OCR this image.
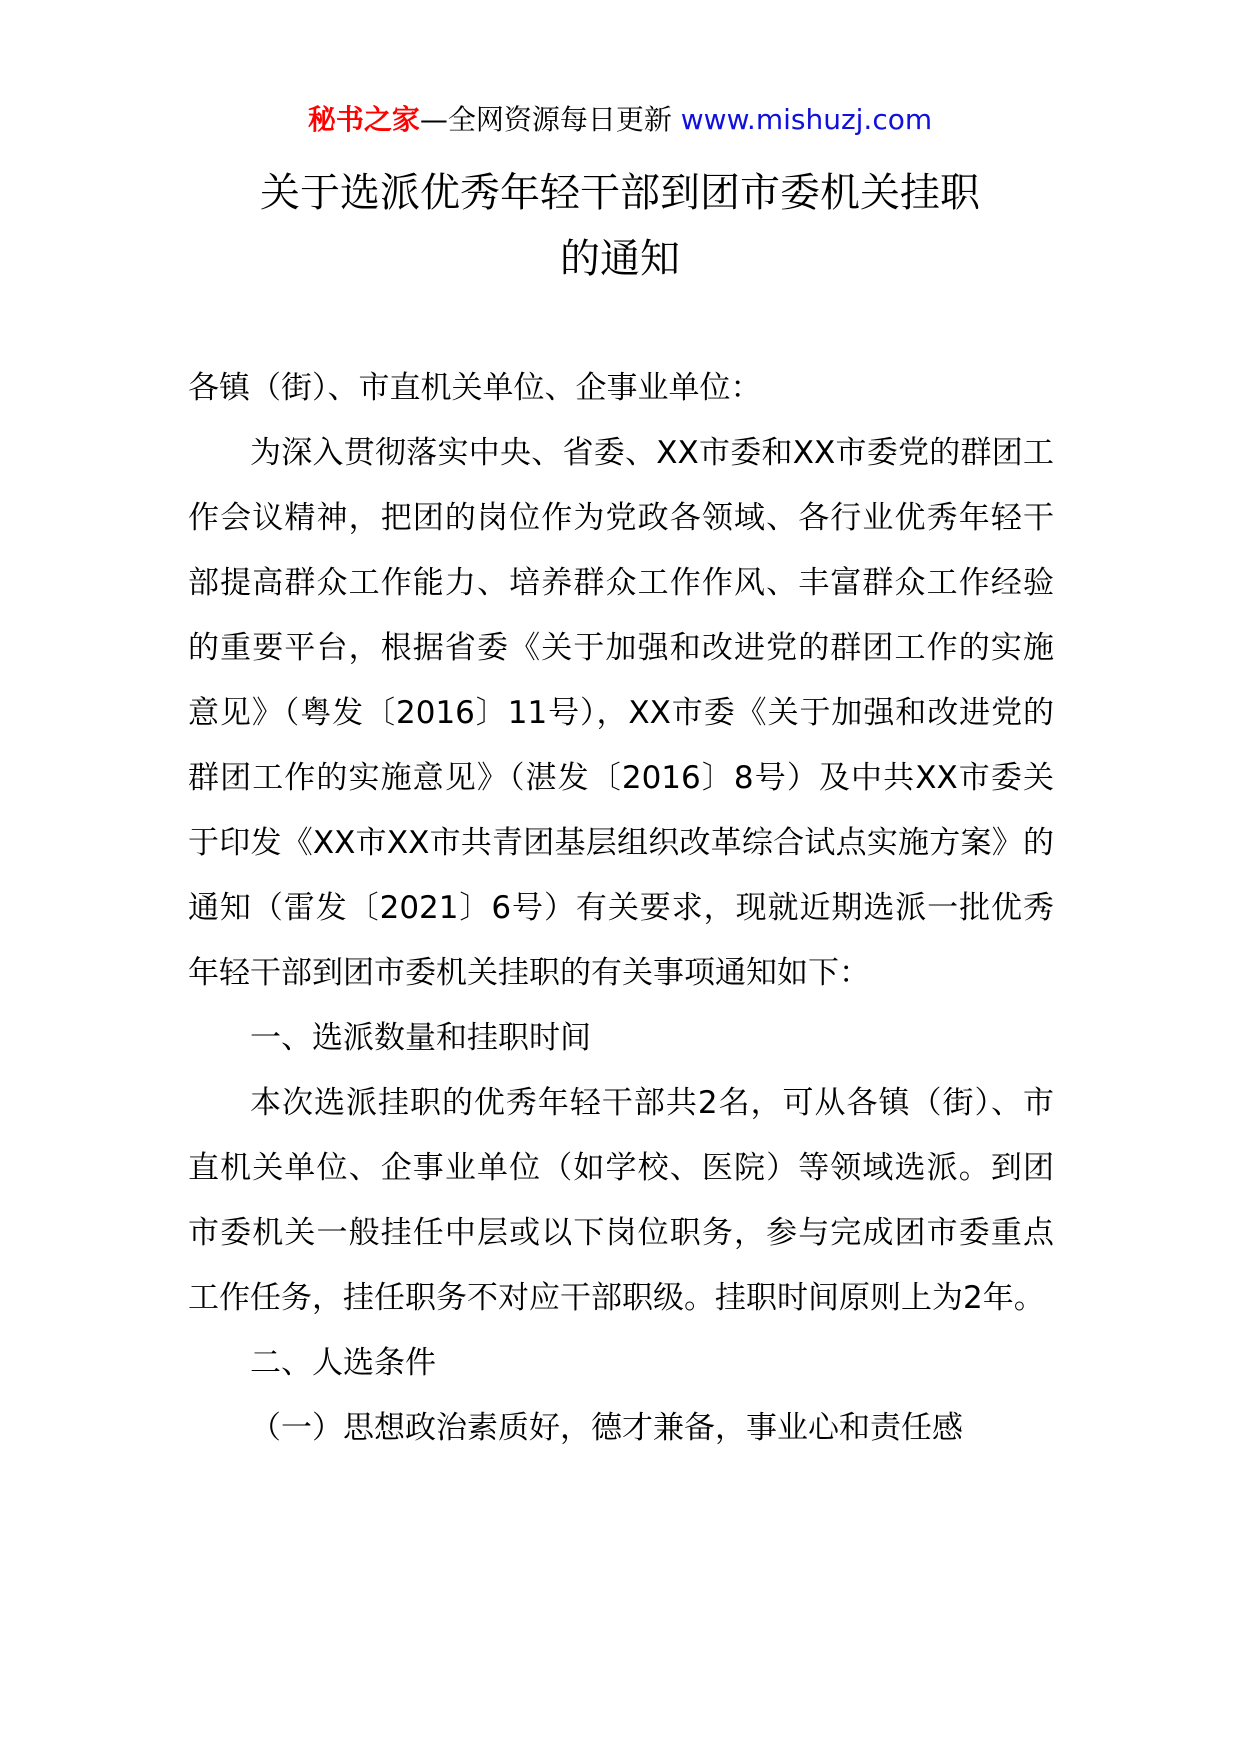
秘书之家—全网资源每日更新 www.mishuzj.com
关于选派优秀年轻干部到团市委机关挂职
的通知

各镇（街）、市直机关单位、企事业单位：

为深入贯彻落实中央、省委、XX市委和XX市委党的群团工作会议精神，把团的岗位作为党政各领域、各行业优秀年轻干部提高群众工作能力、培养群众工作作风、丰富群众工作经验的重要平台，根据省委《关于加强和改进党的群团工作的实施意见》（粤发〔2016〕11号），XX市委《关于加强和改进党的群团工作的实施意见》（湛发〔2016〕8号）及中共XX市委关于印发《XX市XX市共青团基层组织改革综合试点实施方案》的通知（雷发〔2021〕6号）有关要求，现就近期选派一批优秀年轻干部到团市委机关挂职的有关事项通知如下：

一、选派数量和挂职时间

本次选派挂职的优秀年轻干部共2名，可从各镇（街）、市直机关单位、企事业单位（如学校、医院）等领域选派。到团市委机关一般挂任中层或以下岗位职务，参与完成团市委重点工作任务，挂任职务不对应干部职级。挂职时间原则上为2年。

二、人选条件

（一）思想政治素质好，德才兼备，事业心和责任感
